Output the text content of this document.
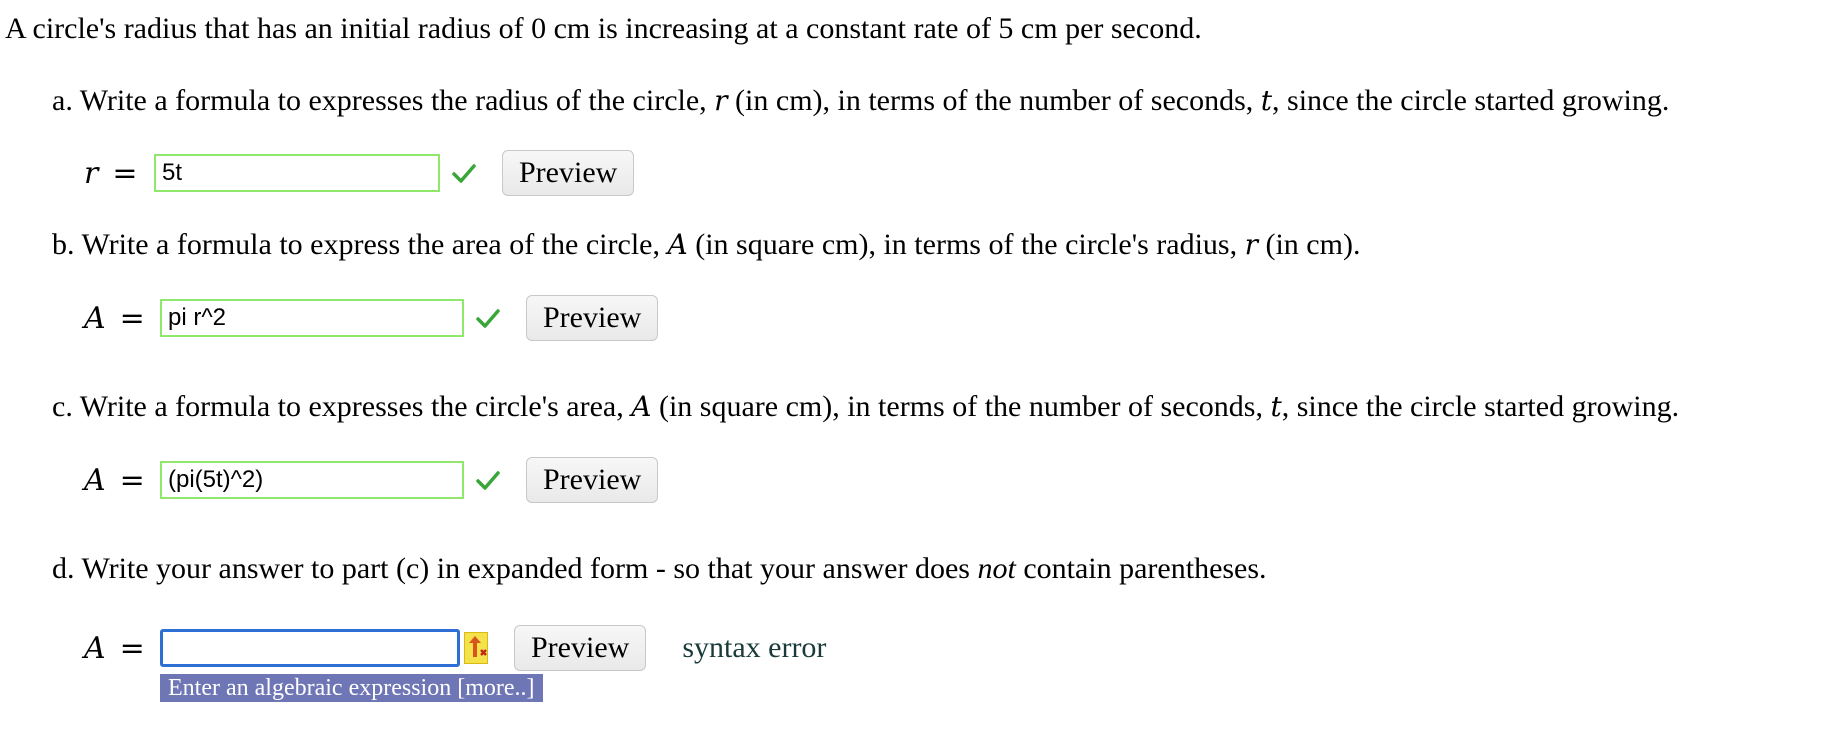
A circle's radius that has an initial radius of 0 cm is increasing at a constant rate of 5 cm per second.
a. Write a formula to expresses the radius of the circle, r (in cm), in terms of the number of seconds, t, since the circle started growing.
r =
5t	Preview
b. Write a formula to express the area of the circle, A (in square cm), in terms of the circle's radius, r (in cm).
A =
pi r^2	Preview
c. Write a formula to expresses the circle's area, A (in square cm), in terms of the number of seconds, t, since the circle started growing.
A =
(pi(5t)^2)	Preview
d. Write your answer to part (c) in expanded form - so that your answer does not contain parentheses.
A =	Preview	syntax error
Enter an algebraic expression [more..]
